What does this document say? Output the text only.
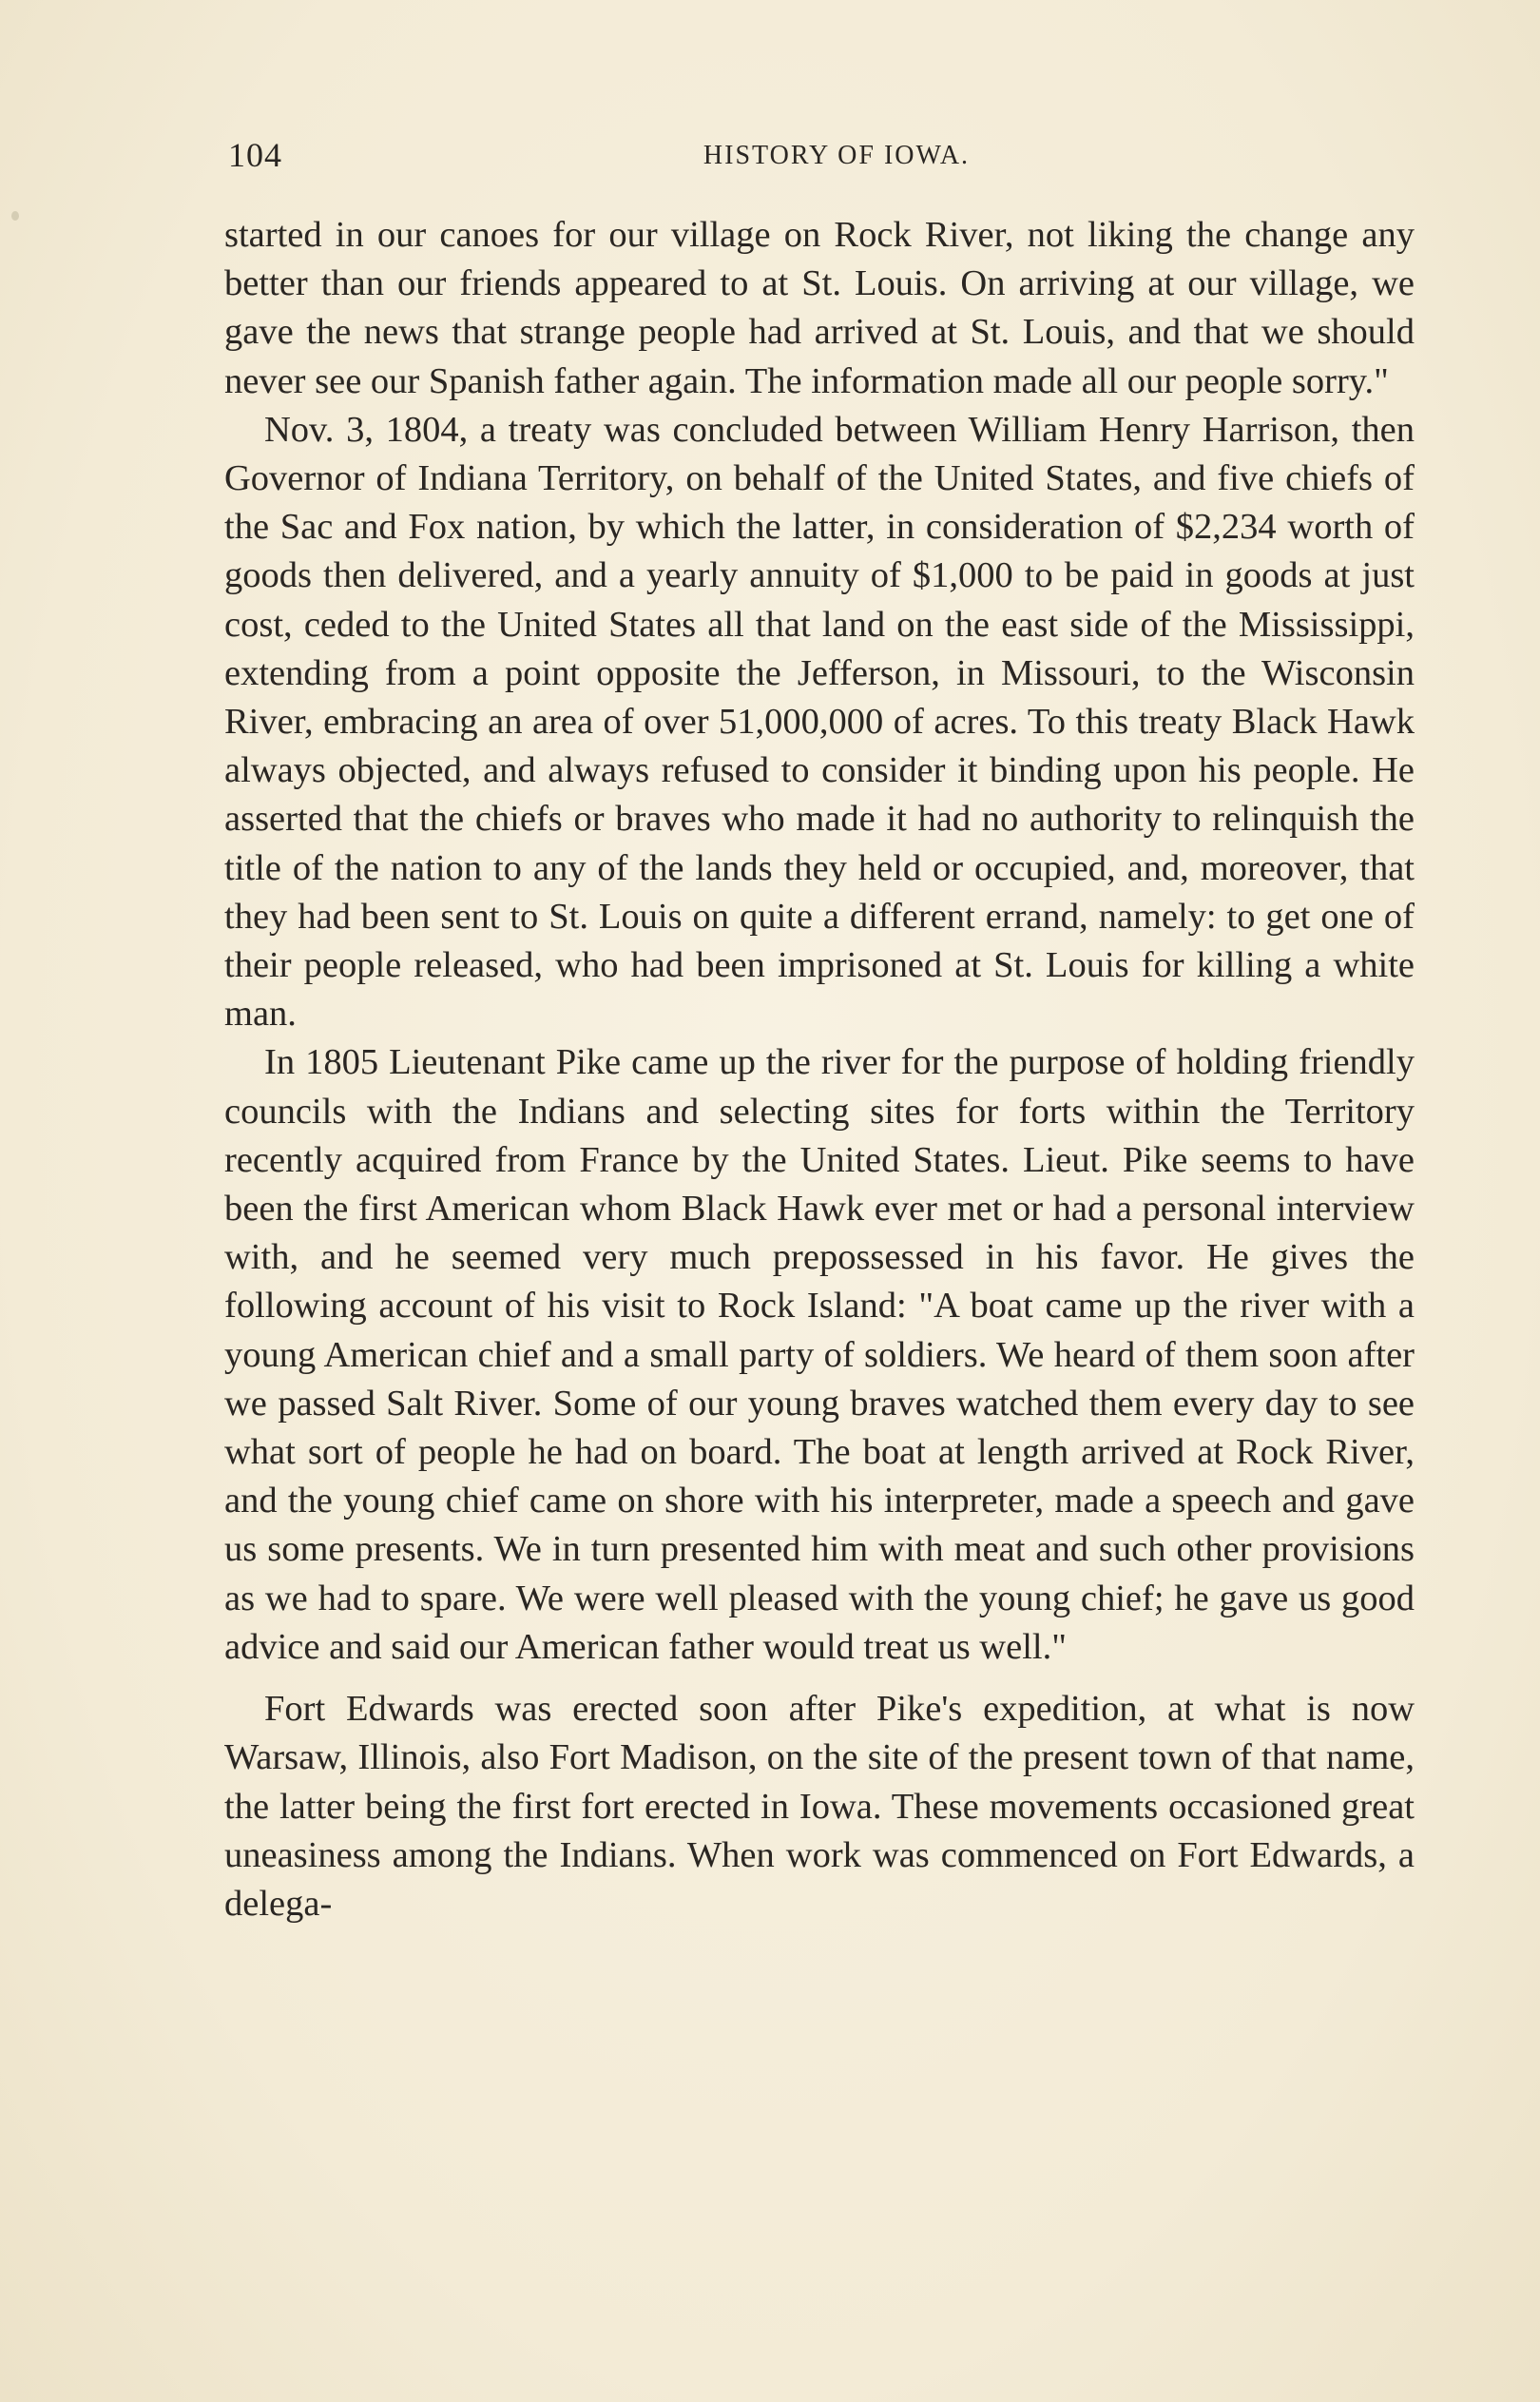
104	HISTORY OF IOWA.

started in our canoes for our village on Rock River, not liking the change any better than our friends appeared to at St. Louis. On arriving at our village, we gave the news that strange people had arrived at St. Louis, and that we should never see our Spanish father again. The information made all our people sorry."

Nov. 3, 1804, a treaty was concluded between William Henry Harrison, then Governor of Indiana Territory, on behalf of the United States, and five chiefs of the Sac and Fox nation, by which the latter, in consideration of $2,234 worth of goods then delivered, and a yearly annuity of $1,000 to be paid in goods at just cost, ceded to the United States all that land on the east side of the Mississippi, extending from a point opposite the Jefferson, in Missouri, to the Wisconsin River, embracing an area of over 51,000,000 of acres. To this treaty Black Hawk always objected, and always refused to consider it binding upon his people. He asserted that the chiefs or braves who made it had no authority to relinquish the title of the nation to any of the lands they held or occupied, and, moreover, that they had been sent to St. Louis on quite a different errand, namely: to get one of their people released, who had been imprisoned at St. Louis for killing a white man.

In 1805 Lieutenant Pike came up the river for the purpose of holding friendly councils with the Indians and selecting sites for forts within the Territory recently acquired from France by the United States. Lieut. Pike seems to have been the first American whom Black Hawk ever met or had a personal interview with, and he seemed very much prepossessed in his favor. He gives the following account of his visit to Rock Island: "A boat came up the river with a young American chief and a small party of soldiers. We heard of them soon after we passed Salt River. Some of our young braves watched them every day to see what sort of people he had on board. The boat at length arrived at Rock River, and the young chief came on shore with his interpreter, made a speech and gave us some presents. We in turn presented him with meat and such other provisions as we had to spare. We were well pleased with the young chief; he gave us good advice and said our American father would treat us well."

Fort Edwards was erected soon after Pike's expedition, at what is now Warsaw, Illinois, also Fort Madison, on the site of the present town of that name, the latter being the first fort erected in Iowa. These movements occasioned great uneasiness among the Indians. When work was commenced on Fort Edwards, a delega-
